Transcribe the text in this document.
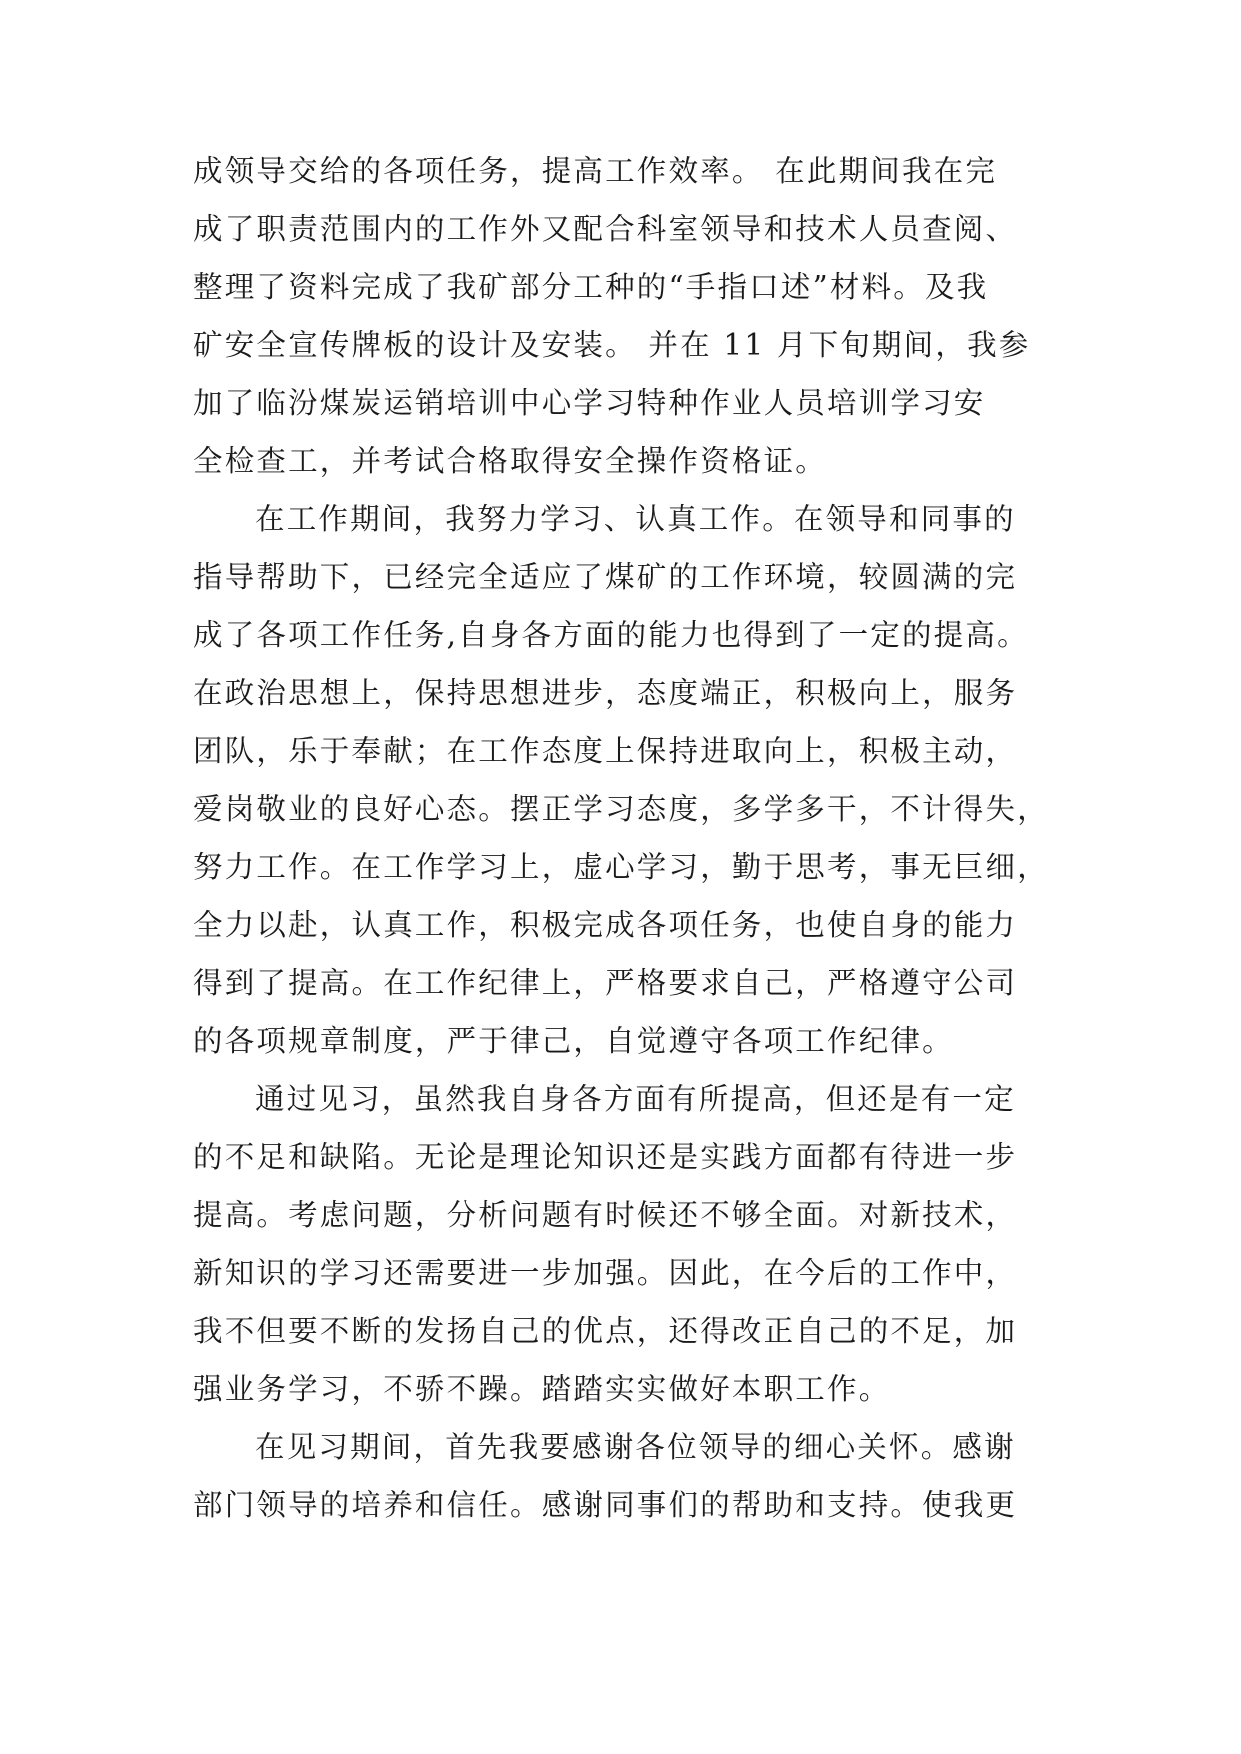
成领导交给的各项任务，提高工作效率。 在此期间我在完
成了职责范围内的工作外又配合科室领导和技术人员查阅、
整理了资料完成了我矿部分工种的“手指口述”材料。及我
矿安全宣传牌板的设计及安装。 并在 11 月下旬期间，我参
加了临汾煤炭运销培训中心学习特种作业人员培训学习安
全检查工，并考试合格取得安全操作资格证。
在工作期间，我努力学习、认真工作。在领导和同事的
指导帮助下，已经完全适应了煤矿的工作环境，较圆满的完
成了各项工作任务,自身各方面的能力也得到了一定的提高。
在政治思想上，保持思想进步，态度端正，积极向上，服务
团队，乐于奉献；在工作态度上保持进取向上，积极主动，
爱岗敬业的良好心态。摆正学习态度，多学多干，不计得失，
努力工作。在工作学习上，虚心学习，勤于思考，事无巨细，
全力以赴，认真工作，积极完成各项任务，也使自身的能力
得到了提高。在工作纪律上，严格要求自己，严格遵守公司
的各项规章制度，严于律己，自觉遵守各项工作纪律。
通过见习，虽然我自身各方面有所提高，但还是有一定
的不足和缺陷。无论是理论知识还是实践方面都有待进一步
提高。考虑问题，分析问题有时候还不够全面。对新技术，
新知识的学习还需要进一步加强。因此，在今后的工作中，
我不但要不断的发扬自己的优点，还得改正自己的不足，加
强业务学习，不骄不躁。踏踏实实做好本职工作。
在见习期间，首先我要感谢各位领导的细心关怀。感谢
部门领导的培养和信任。感谢同事们的帮助和支持。使我更
